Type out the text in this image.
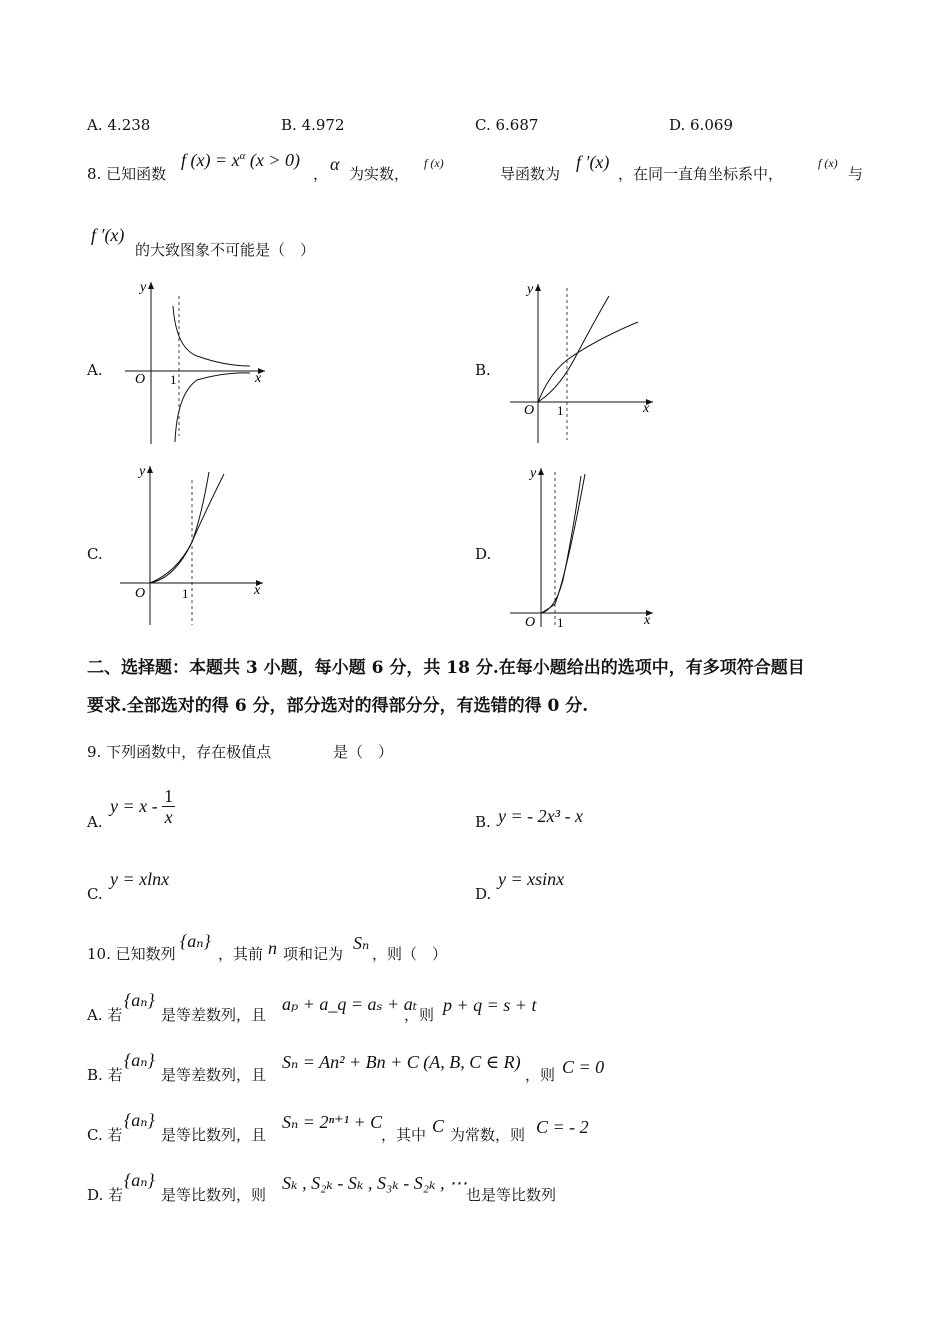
A. 4.238	B. 4.972	C. 6.687	D. 6.069
8. 已知函数
f $(x) = x^\alpha$ (x > 0)
， α 为实数，
f (x)
导函数为
f ′(x)
，在同一直角坐标系中，
f (x)
与
f ′(x)
的大致图象不可能是（　）
A.	B.
C.	D.
O 1	x
y
O 1	x
y
O	1	x
y
O 1	x
y
二、选择题：本题共 3 小题，每小题 6 分，共 18 分.在每小题给出的选项中，有多项符合题目
要求.全部选对的得 6 分，部分选对的得部分分，有选错的得 0 分.
9. 下列函数中，存在极值点	是（　）
A.
$y = x - \frac{1}{x}$	B. y = - 2x³ - x
C.
y = xlnx
D.
y = xsinx
10. 已知数列
{aₙ}
，其前 n 项和记为
Sₙ
，则（　）
A. 若
{aₙ}
是等差数列，且
aₚ + a_q = aₛ + aₜ
，则 p + q = s + t
B. 若
{aₙ}
是等差数列，且
Sₙ = An² + Bn + C (A, B, C ∈ R)
，则 C = 0
C. 若
{aₙ}
是等比数列，且
Sₙ = 2ⁿ⁺¹ + C
，其中 C 为常数，则 C = - 2
D. 若
{aₙ}
是等比数列，则
Sₖ , S₂ₖ - Sₖ , S₃ₖ - S₂ₖ , ⋯
也是等比数列
